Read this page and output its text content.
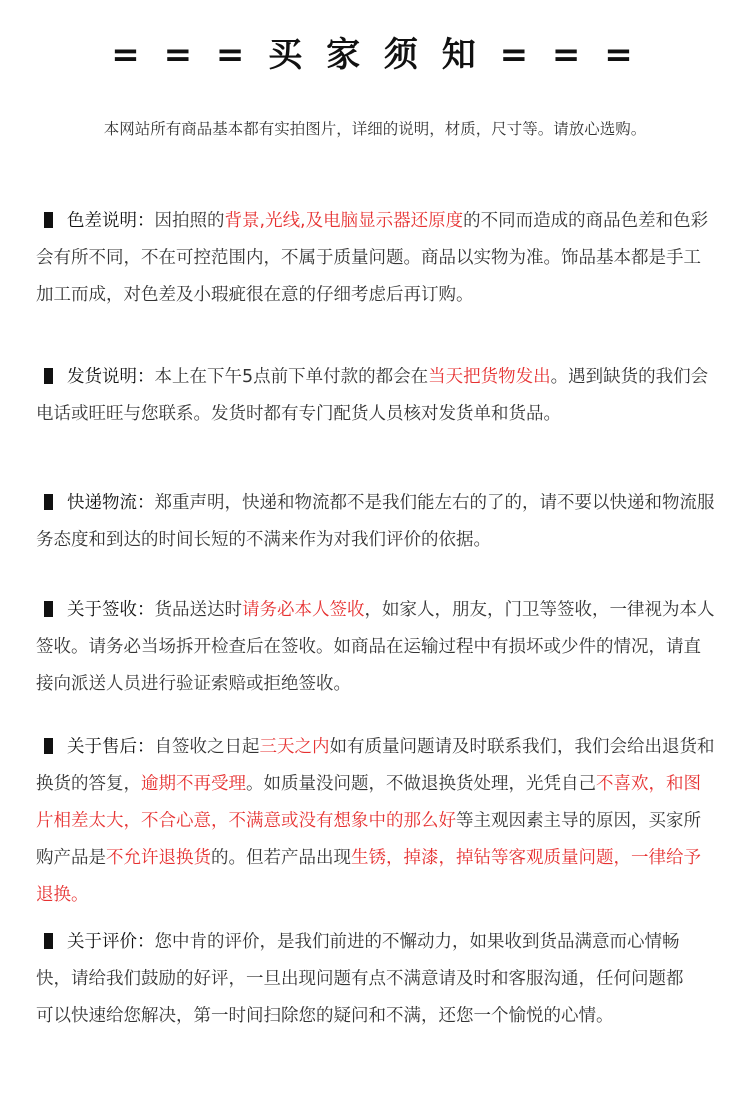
= = = 买 家 须 知 = = =
本网站所有商品基本都有实拍图片，详细的说明，材质，尺寸等。请放心选购。

色差说明：因拍照的背景,光线,及电脑显示器还原度的不同而造成的商品色差和色彩会有所不同，不在可控范围内，不属于质量问题。商品以实物为准。饰品基本都是手工加工而成，对色差及小瑕疵很在意的仔细考虑后再订购。

发货说明：本上在下午5点前下单付款的都会在当天把货物发出。遇到缺货的我们会电话或旺旺与您联系。发货时都有专门配货人员核对发货单和货品。

快递物流：郑重声明，快递和物流都不是我们能左右的了的，请不要以快递和物流服务态度和到达的时间长短的不满来作为对我们评价的依据。

关于签收：货品送达时请务必本人签收，如家人，朋友，门卫等签收，一律视为本人签收。请务必当场拆开检查后在签收。如商品在运输过程中有损坏或少件的情况，请直接向派送人员进行验证索赔或拒绝签收。

关于售后：自签收之日起三天之内如有质量问题请及时联系我们，我们会给出退货和换货的答复，逾期不再受理。如质量没问题，不做退换货处理，光凭自己不喜欢，和图片相差太大，不合心意，不满意或没有想象中的那么好等主观因素主导的原因，买家所购产品是不允许退换货的。但若产品出现生锈，掉漆，掉钻等客观质量问题，一律给予退换。

关于评价：您中肯的评价，是我们前进的不懈动力，如果收到货品满意而心情畅快，请给我们鼓励的好评，一旦出现问题有点不满意请及时和客服沟通，任何问题都可以快速给您解决，第一时间扫除您的疑问和不满，还您一个愉悦的心情。
